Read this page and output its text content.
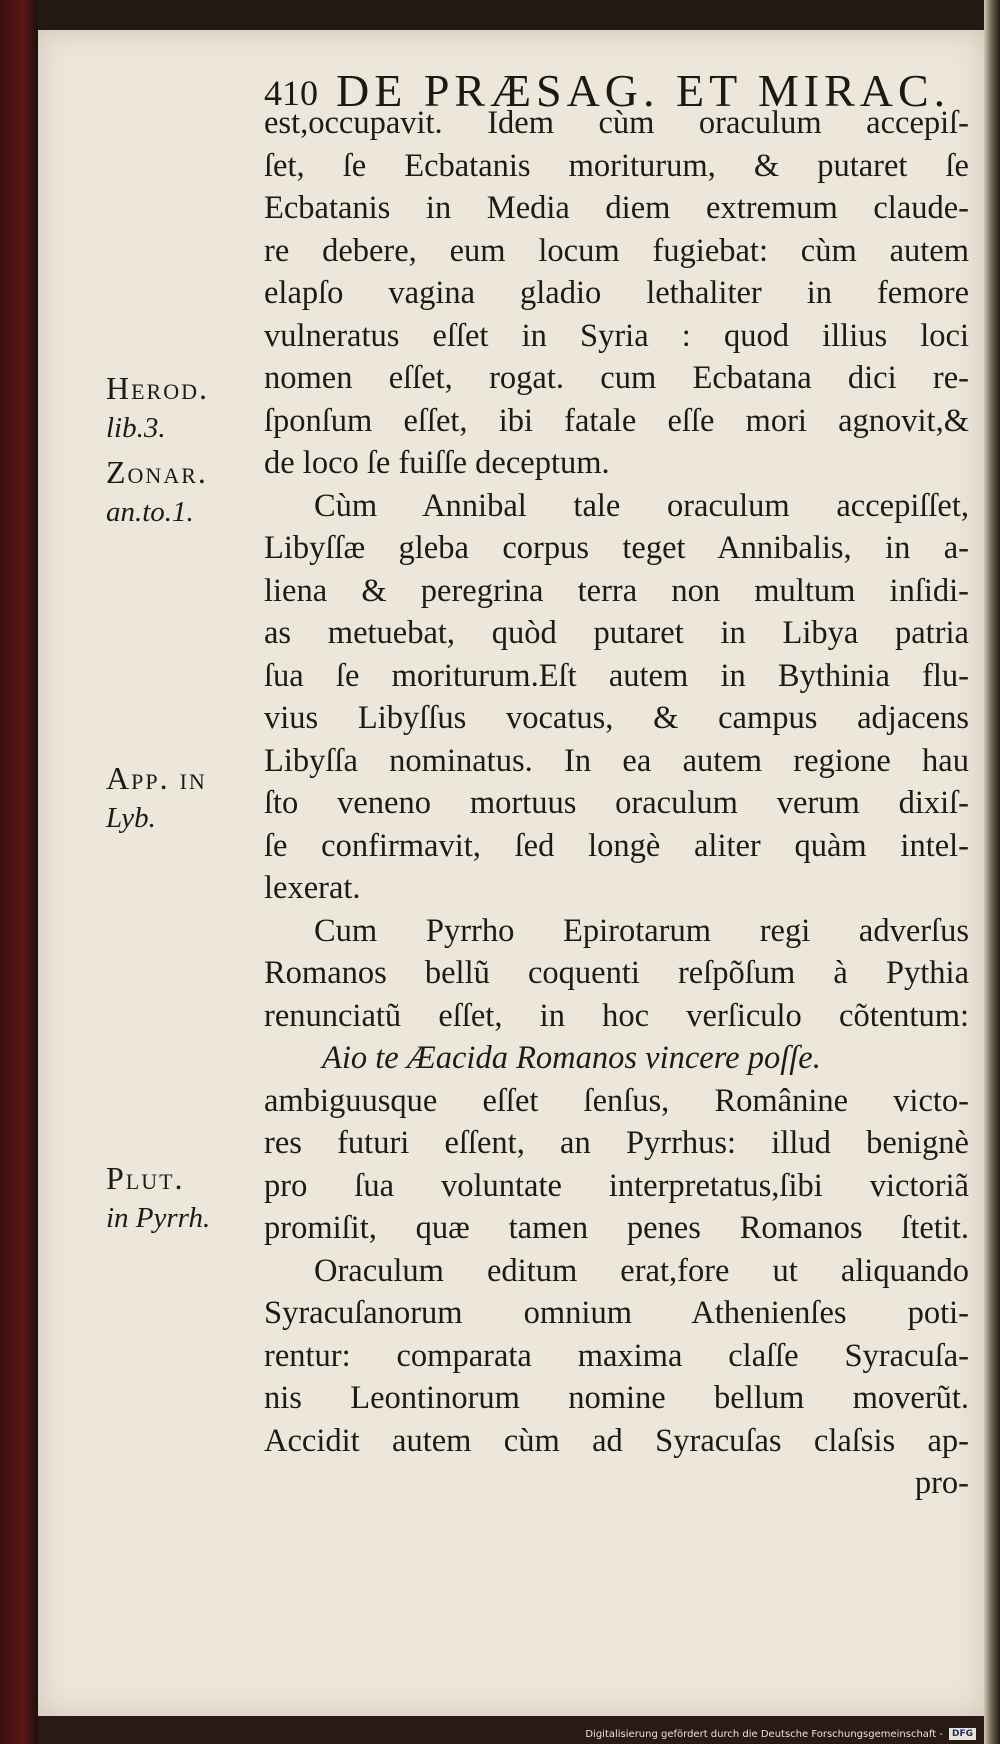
410 DE PRÆSAG. ET MIRAC.
est,occupavit. Idem cùm oraculum accepiſ-
ſet, ſe Ecbatanis moriturum, & putaret ſe
Ecbatanis in Media diem extremum claude-
re debere, eum locum fugiebat: cùm autem
elapſo vagina gladio lethaliter in femore
vulneratus eſſet in Syria : quod illius loci
nomen eſſet, rogat. cum Ecbatana dici re-
ſponſum eſſet, ibi fatale eſſe mori agnovit,&
de loco ſe fuiſſe deceptum.
Cùm Annibal tale oraculum accepiſſet,
Libyſſæ gleba corpus teget Annibalis, in a-
liena & peregrina terra non multum inſidi-
as metuebat, quòd putaret in Libya patria
ſua ſe moriturum.Eſt autem in Bythinia flu-
vius Libyſſus vocatus, & campus adjacens
Libyſſa nominatus. In ea autem regione hau
ſto veneno mortuus oraculum verum dixiſ-
ſe confirmavit, ſed longè aliter quàm intel-
lexerat.
Cum Pyrrho Epirotarum regi adverſus
Romanos bellũ coquenti reſpõſum à Pythia
renunciatũ eſſet, in hoc verſiculo cõtentum:
Aio te Æacida Romanos vincere poſſe.
ambiguusque eſſet ſenſus, Românine victo-
res futuri eſſent, an Pyrrhus: illud benignè
pro ſua voluntate interpretatus,ſibi victoriã
promiſit, quæ tamen penes Romanos ſtetit.
Oraculum editum erat,fore ut aliquando
Syracuſanorum omnium Athenienſes poti-
rentur: comparata maxima claſſe Syracuſa-
nis Leontinorum nomine bellum moverũt.
Accidit autem cùm ad Syracuſas claſsis ap-
pro-
Herod.
lib.3.
Zonar.
an.to.1.
App. in
Lyb.
Plut.
in Pyrrh.
Digitalisierung gefördert durch die Deutsche Forschungsgemeinschaft -	DFG
